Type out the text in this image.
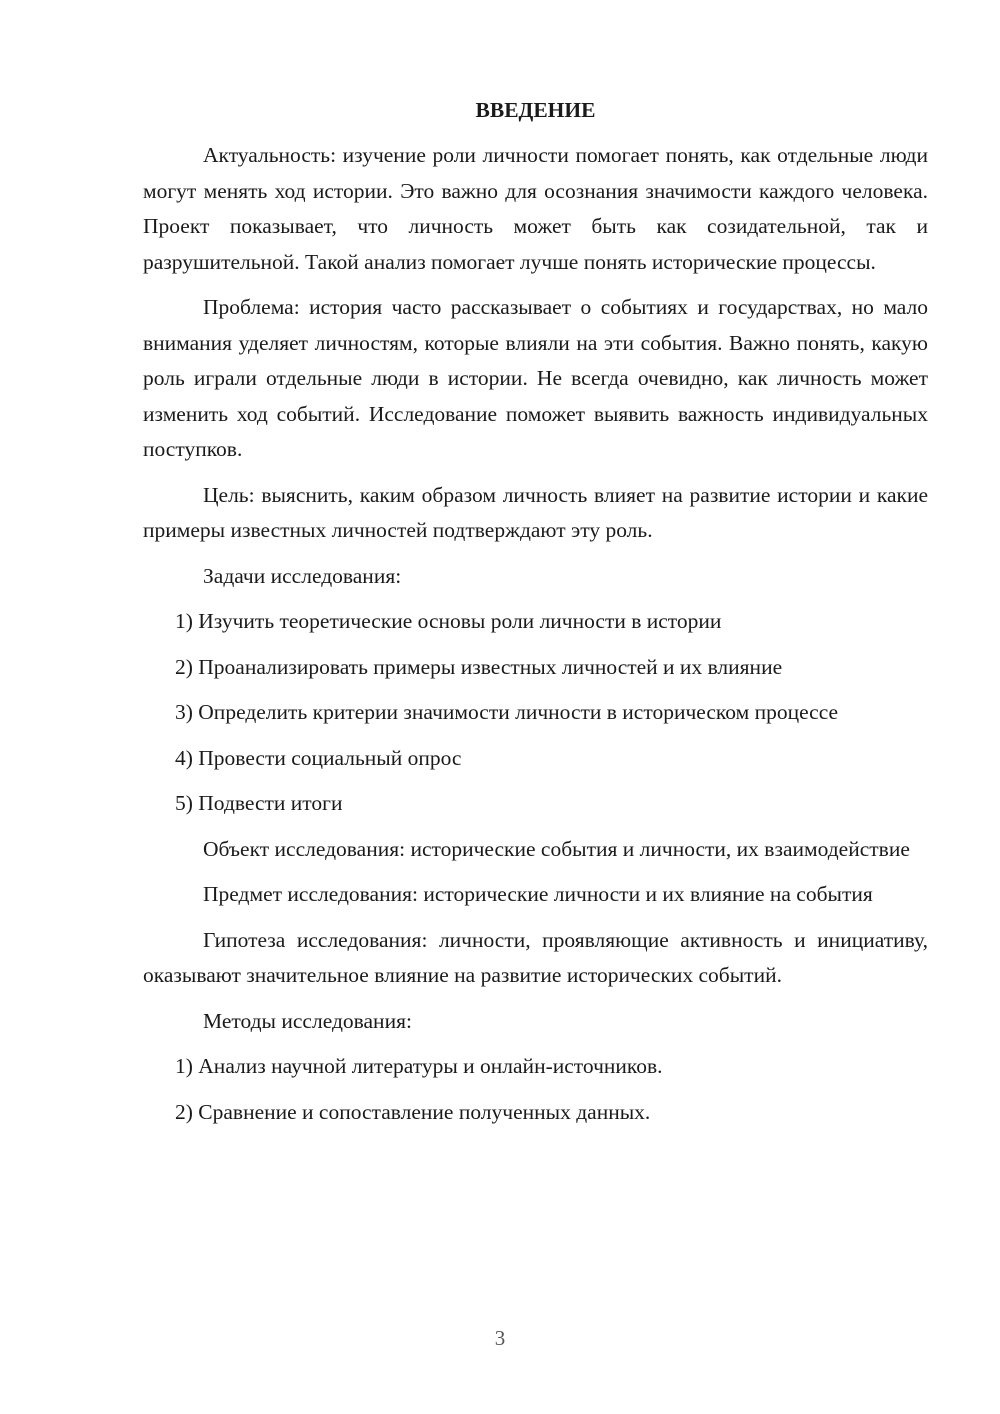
ВВЕДЕНИЕ

Актуальность: изучение роли личности помогает понять, как отдельные люди могут менять ход истории. Это важно для осознания значимости каждого человека. Проект показывает, что личность может быть как созидательной, так и разрушительной. Такой анализ помогает лучше понять исторические процессы.

Проблема: история часто рассказывает о событиях и государствах, но мало внимания уделяет личностям, которые влияли на эти события. Важно понять, какую роль играли отдельные люди в истории. Не всегда очевидно, как личность может изменить ход событий. Исследование поможет выявить важность индивидуальных поступков.

Цель: выяснить, каким образом личность влияет на развитие истории и какие примеры известных личностей подтверждают эту роль.

Задачи исследования:

1) Изучить теоретические основы роли личности в истории

2) Проанализировать примеры известных личностей и их влияние

3) Определить критерии значимости личности в историческом процессе

4) Провести социальный опрос

5) Подвести итоги

Объект исследования: исторические события и личности, их взаимодействие

Предмет исследования: исторические личности и их влияние на события

Гипотеза исследования: личности, проявляющие активность и инициативу, оказывают значительное влияние на развитие исторических событий.

Методы исследования:

1) Анализ научной литературы и онлайн-источников.

2) Сравнение и сопоставление полученных данных.

3
